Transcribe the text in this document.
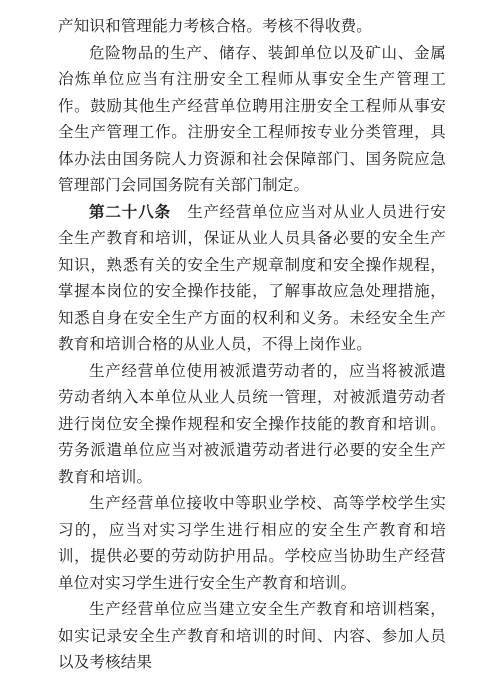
产知识和管理能力考核合格。考核不得收费。

危险物品的生产、储存、装卸单位以及矿山、金属冶炼单位应当有注册安全工程师从事安全生产管理工作。鼓励其他生产经营单位聘用注册安全工程师从事安全生产管理工作。注册安全工程师按专业分类管理，具体办法由国务院人力资源和社会保障部门、国务院应急管理部门会同国务院有关部门制定。

第二十八条　生产经营单位应当对从业人员进行安全生产教育和培训，保证从业人员具备必要的安全生产知识，熟悉有关的安全生产规章制度和安全操作规程，掌握本岗位的安全操作技能，了解事故应急处理措施，知悉自身在安全生产方面的权利和义务。未经安全生产教育和培训合格的从业人员，不得上岗作业。

生产经营单位使用被派遣劳动者的，应当将被派遣劳动者纳入本单位从业人员统一管理，对被派遣劳动者进行岗位安全操作规程和安全操作技能的教育和培训。劳务派遣单位应当对被派遣劳动者进行必要的安全生产教育和培训。

生产经营单位接收中等职业学校、高等学校学生实习的，应当对实习学生进行相应的安全生产教育和培训，提供必要的劳动防护用品。学校应当协助生产经营单位对实习学生进行安全生产教育和培训。

生产经营单位应当建立安全生产教育和培训档案，如实记录安全生产教育和培训的时间、内容、参加人员以及考核结果
